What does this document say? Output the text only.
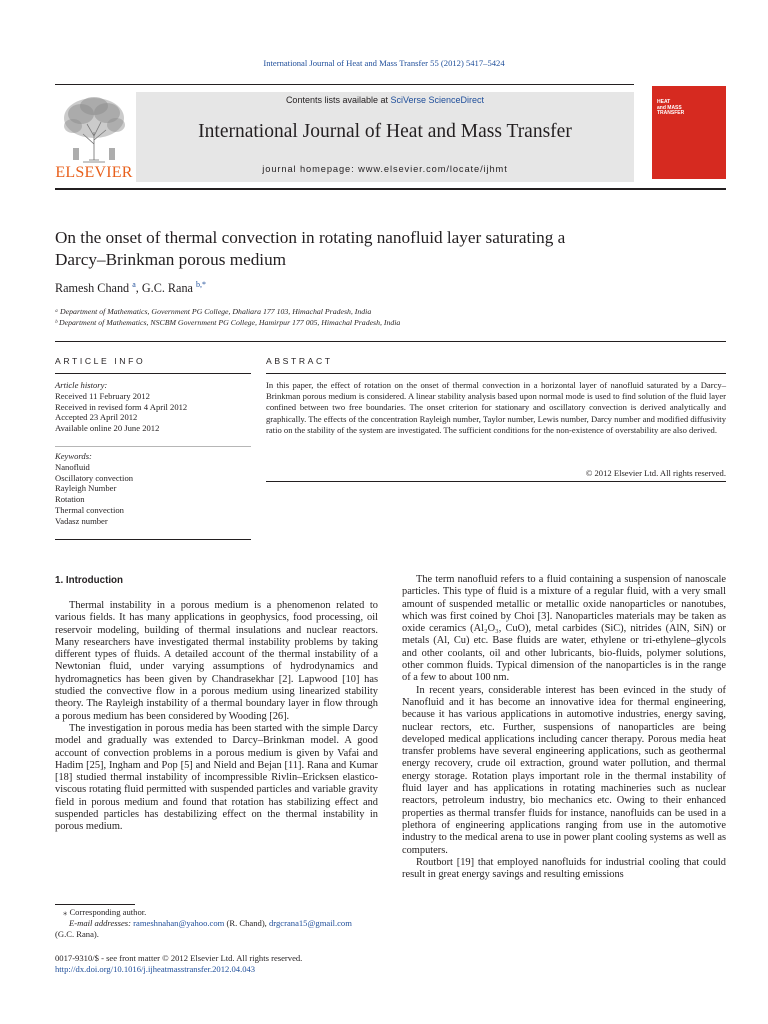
International Journal of Heat and Mass Transfer 55 (2012) 5417–5424
ELSEVIER
Contents lists available at SciVerse ScienceDirect
International Journal of Heat and Mass Transfer
journal homepage: www.elsevier.com/locate/ijhmt
HEAT
and MASS
TRANSFER
On the onset of thermal convection in rotating nanofluid layer saturating a
Darcy–Brinkman porous medium
Ramesh Chand $^a$, G.C. Rana $^{b,*}$
ᵃ Department of Mathematics, Government PG College, Dhaliara 177 103, Himachal Pradesh, India
ᵇ Department of Mathematics, NSCBM Government PG College, Hamirpur 177 005, Himachal Pradesh, India
ARTICLE INFO	ABSTRACT
Article history:
Received 11 February 2012
Received in revised form 4 April 2012
Accepted 23 April 2012
Available online 20 June 2012
Keywords:
Nanofluid
Oscillatory convection
Rayleigh Number
Rotation
Thermal convection
Vadasz number
In this paper, the effect of rotation on the onset of thermal convection in a horizontal layer of nanofluid saturated by a Darcy–Brinkman porous medium is considered. A linear stability analysis based upon normal mode is used to find solution of the fluid layer confined between two free boundaries. The onset criterion for stationary and oscillatory convection is derived analytically and graphically. The effects of the concentration Rayleigh number, Taylor number, Lewis number, Darcy number and modified diffusivity ratio on the stability of the system are investigated. The sufficient conditions for the non-existence of overstability are also derived.
© 2012 Elsevier Ltd. All rights reserved.
1. Introduction

Thermal instability in a porous medium is a phenomenon related to various fields. It has many applications in geophysics, food processing, oil reservoir modeling, building of thermal insulations and nuclear reactors. Many researchers have investigated thermal instability problems by taking different types of fluids. A detailed account of the thermal instability of a Newtonian fluid, under varying assumptions of hydrodynamics and hydromagnetics has been given by Chandrasekhar [2]. Lapwood [10] has studied the convective flow in a porous medium using linearized stability theory. The Rayleigh instability of a thermal boundary layer in flow through a porous medium has been considered by Wooding [26].

The investigation in porous media has been started with the simple Darcy model and gradually was extended to Darcy–Brinkman model. A good account of convection problems in a porous medium is given by Vafai and Hadim [25], Ingham and Pop [5] and Nield and Bejan [11]. Rana and Kumar [18] studied thermal instability of incompressible Rivlin–Ericksen elastico-viscous rotating fluid permitted with suspended particles and variable gravity field in porous medium and found that rotation has stabilizing effect and suspended particles has destabilizing effect on the thermal instability in porous medium.

The term nanofluid refers to a fluid containing a suspension of nanoscale particles. This type of fluid is a mixture of a regular fluid, with a very small amount of suspended metallic or metallic oxide nanoparticles or nanotubes, which was first coined by Choi [3]. Nanoparticles materials may be taken as oxide ceramics (Al₂O₃, CuO), metal carbides (SiC), nitrides (AlN, SiN) or metals (Al, Cu) etc. Base fluids are water, ethylene or tri-ethylene–glycols and other coolants, oil and other lubricants, bio-fluids, polymer solutions, other common fluids. Typical dimension of the nanoparticles is in the range of a few to about 100 nm.

In recent years, considerable interest has been evinced in the study of Nanofluid and it has become an innovative idea for thermal engineering, because it has various applications in automotive industries, energy saving, nuclear rectors, etc. Further, suspensions of nanoparticles are being developed medical applications including cancer therapy. Porous media heat transfer problems have several engineering applications, such as geothermal energy recovery, crude oil extraction, ground water pollution, and thermal energy storage. Rotation plays important role in the thermal instability of fluid layer and has applications in rotating machineries such as nuclear reactors, petroleum industry, bio mechanics etc. Owing to their enhanced properties as thermal transfer fluids for instance, nanofluids can be used in a plethora of engineering applications ranging from use in the automotive industry to the medical arena to use in power plant cooling systems as well as computers.

Routbort [19] that employed nanofluids for industrial cooling that could result in great energy savings and resulting emissions

⁎ Corresponding author.
E-mail addresses: rameshnahan@yahoo.com (R. Chand), drgcrana15@gmail.com
(G.C. Rana).
0017-9310/$ - see front matter © 2012 Elsevier Ltd. All rights reserved.
http://dx.doi.org/10.1016/j.ijheatmasstransfer.2012.04.043
